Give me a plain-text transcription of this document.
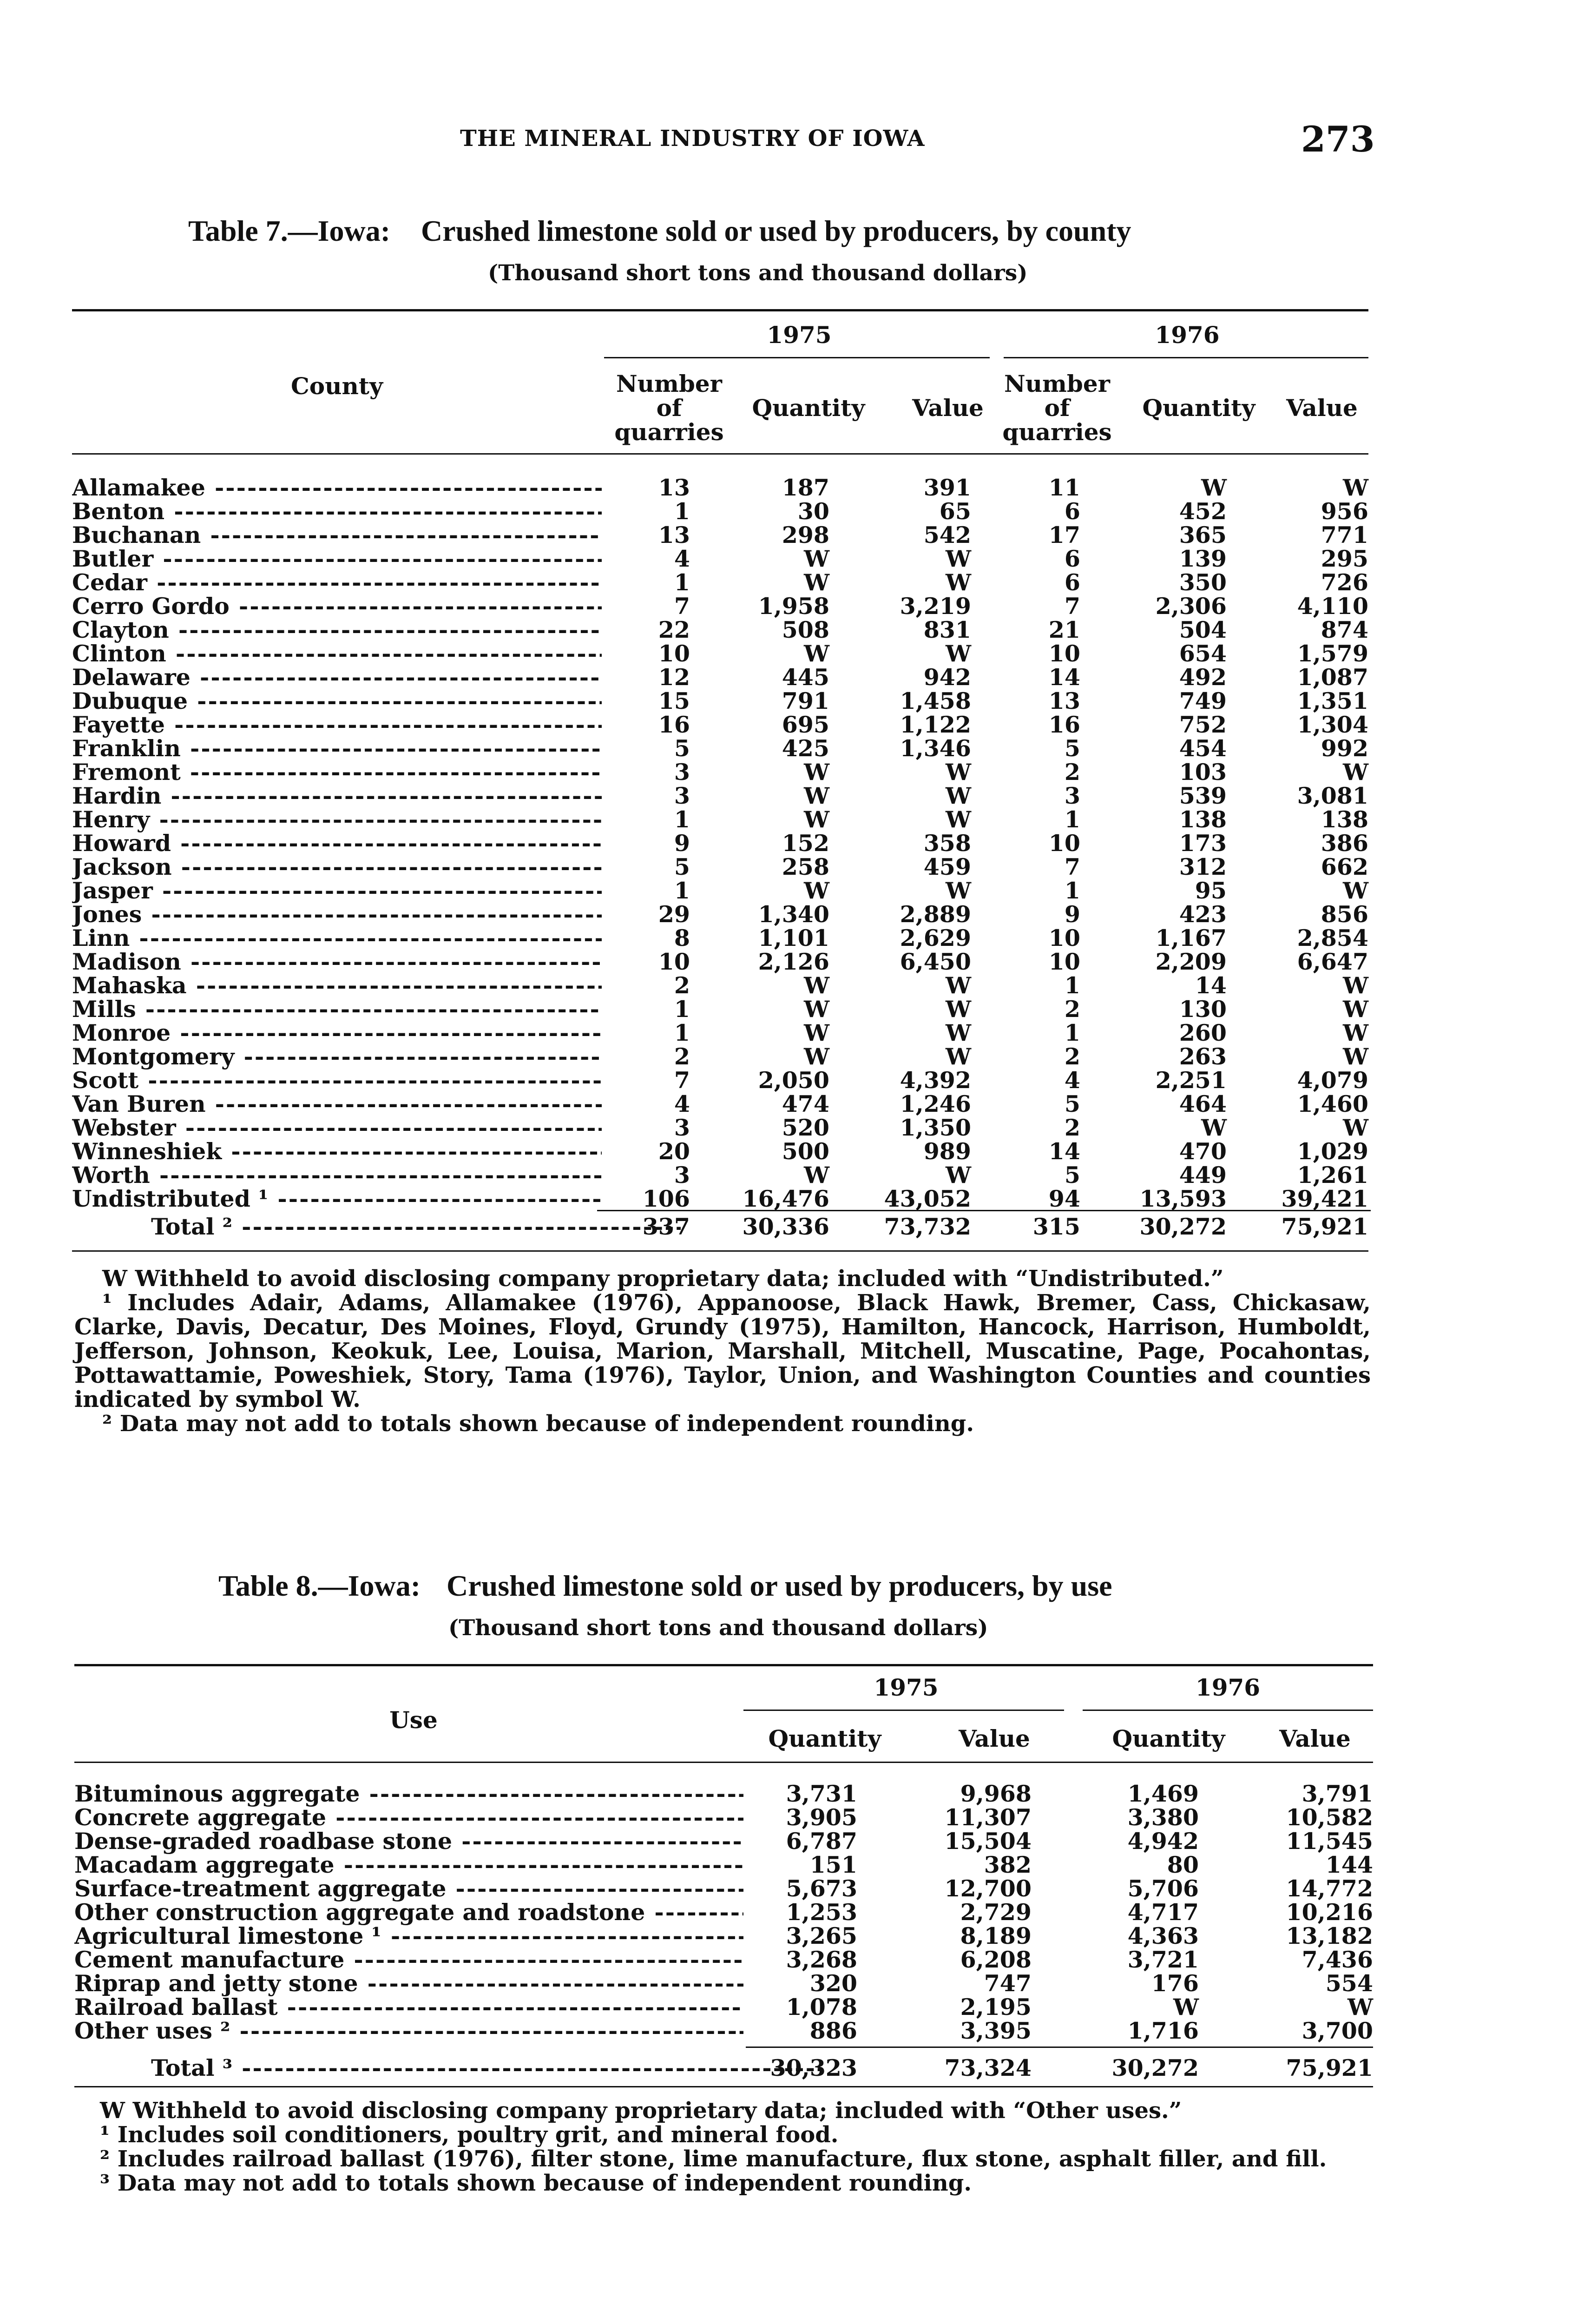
THE MINERAL INDUSTRY OF IOWA	273
Table 7.—Iowa: Crushed limestone sold or used by producers, by county
(Thousand short tons and thousand dollars)
1975	1976
County	Number
of
quarries
Quantity	Value
Number
of
quarries
Quantity	Value
Allamakee -----	13	187	391	11	W	W
Benton -----	1	30	65	6	452	956
Buchanan -----	13	298	542	17	365	771
Butler -----	4	W	W	6	139	295
Cedar -----	1	W	W	6	350	726
Cerro Gordo -----	7	1,958	3,219	7	2,306	4,110
Clayton -----	22	508	831	21	504	874
Clinton -----	10	W	W	10	654	1,579
Delaware -----	12	445	942	14	492	1,087
Dubuque -----	15	791	1,458	13	749	1,351
Fayette -----	16	695	1,122	16	752	1,304
Franklin -----	5	425	1,346	5	454	992
Fremont -----	3	W	W	2	103	W
Hardin -----	3	W	W	3	539	3,081
Henry -----	1	W	W	1	138	138
Howard -----	9	152	358	10	173	386
Jackson -----	5	258	459	7	312	662
Jasper -----	1	W	W	1	95	W
Jones -----	29	1,340	2,889	9	423	856
Linn -----	8	1,101	2,629	10	1,167	2,854
Madison -----	10	2,126	6,450	10	2,209	6,647
Mahaska -----	2	W	W	1	14	W
Mills -----	1	W	W	2	130	W
Monroe -----	1	W	W	1	260	W
Montgomery -----	2	W	W	2	263	W
Scott -----	7	2,050	4,392	4	2,251	4,079
Van Buren -----	4	474	1,246	5	464	1,460
Webster -----	3	520	1,350	2	W	W
Winneshiek -----	20	500	989	14	470	1,029
Worth -----	3	W	W	5	449	1,261
Undistributed ¹ -----	106	16,476	43,052	94	13,593	39,421
Total ² -----	337	30,336	73,732	315	30,272	75,921
W Withheld to avoid disclosing company proprietary data; included with “Undistributed.”
¹ Includes Adair, Adams, Allamakee (1976), Appanoose, Black Hawk, Bremer, Cass, Chickasaw, Clarke, Davis, Decatur, Des Moines, Floyd, Grundy (1975), Hamilton, Hancock, Harrison, Humboldt, Jefferson, Johnson, Keokuk, Lee, Louisa, Marion, Marshall, Mitchell, Muscatine, Page, Pocahontas, Pottawattamie, Poweshiek, Story, Tama (1976), Taylor, Union, and Washington Counties and counties indicated by symbol W.
² Data may not add to totals shown because of independent rounding.
Table 8.—Iowa: Crushed limestone sold or used by producers, by use
(Thousand short tons and thousand dollars)
1975	1976
Use
Quantity	Value	Quantity	Value
Bituminous aggregate -----	3,731	9,968	1,469	3,791
Concrete aggregate -----	3,905	11,307	3,380	10,582
Dense-graded roadbase stone -----	6,787	15,504	4,942	11,545
Macadam aggregate -----	151	382	80	144
Surface-treatment aggregate -----	5,673	12,700	5,706	14,772
Other construction aggregate and roadstone -----	1,253	2,729	4,717	10,216
Agricultural limestone ¹ -----	3,265	8,189	4,363	13,182
Cement manufacture -----	3,268	6,208	3,721	7,436
Riprap and jetty stone -----	320	747	176	554
Railroad ballast -----	1,078	2,195	W	W
Other uses ² -----	886	3,395	1,716	3,700
Total ³ -----	30,323	73,324	30,272	75,921
W Withheld to avoid disclosing company proprietary data; included with “Other uses.”
¹ Includes soil conditioners, poultry grit, and mineral food.
² Includes railroad ballast (1976), filter stone, lime manufacture, flux stone, asphalt filler, and fill.
³ Data may not add to totals shown because of independent rounding.
